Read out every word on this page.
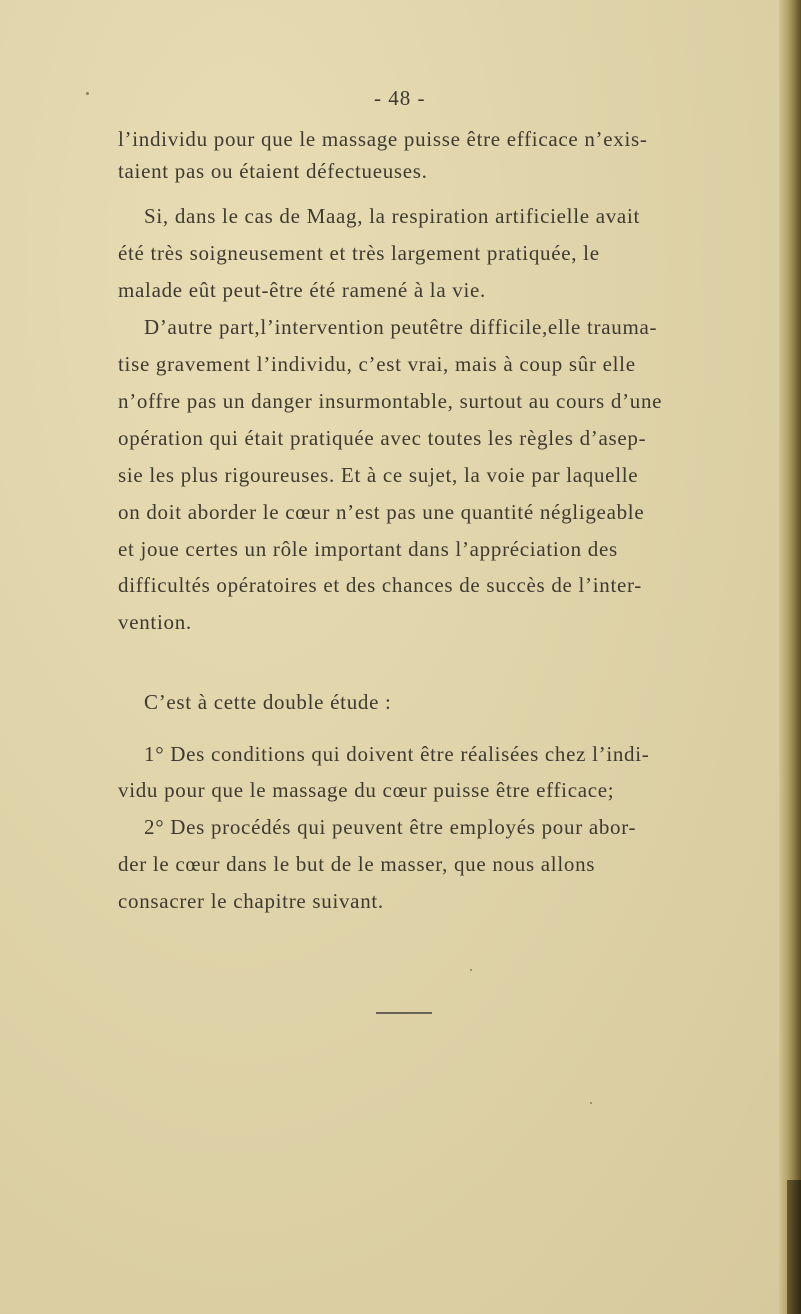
- 48 -
l’individu pour que le massage puisse être efficace n’exis-
taient pas ou étaient défectueuses.
Si, dans le cas de Maag, la respiration artificielle avait
été très soigneusement et très largement pratiquée, le
malade eût peut-être été ramené à la vie.
D’autre part,l’intervention peutêtre difficile,elle trauma-
tise gravement l’individu, c’est vrai, mais à coup sûr elle
n’offre pas un danger insurmontable, surtout au cours d’une
opération qui était pratiquée avec toutes les règles d’asep-
sie les plus rigoureuses. Et à ce sujet, la voie par laquelle
on doit aborder le cœur n’est pas une quantité négligeable
et joue certes un rôle important dans l’appréciation des
difficultés opératoires et des chances de succès de l’inter-
vention.
C’est à cette double étude :
1° Des conditions qui doivent être réalisées chez l’indi-
vidu pour que le massage du cœur puisse être efficace;
2° Des procédés qui peuvent être employés pour abor-
der le cœur dans le but de le masser, que nous allons
consacrer le chapitre suivant.
